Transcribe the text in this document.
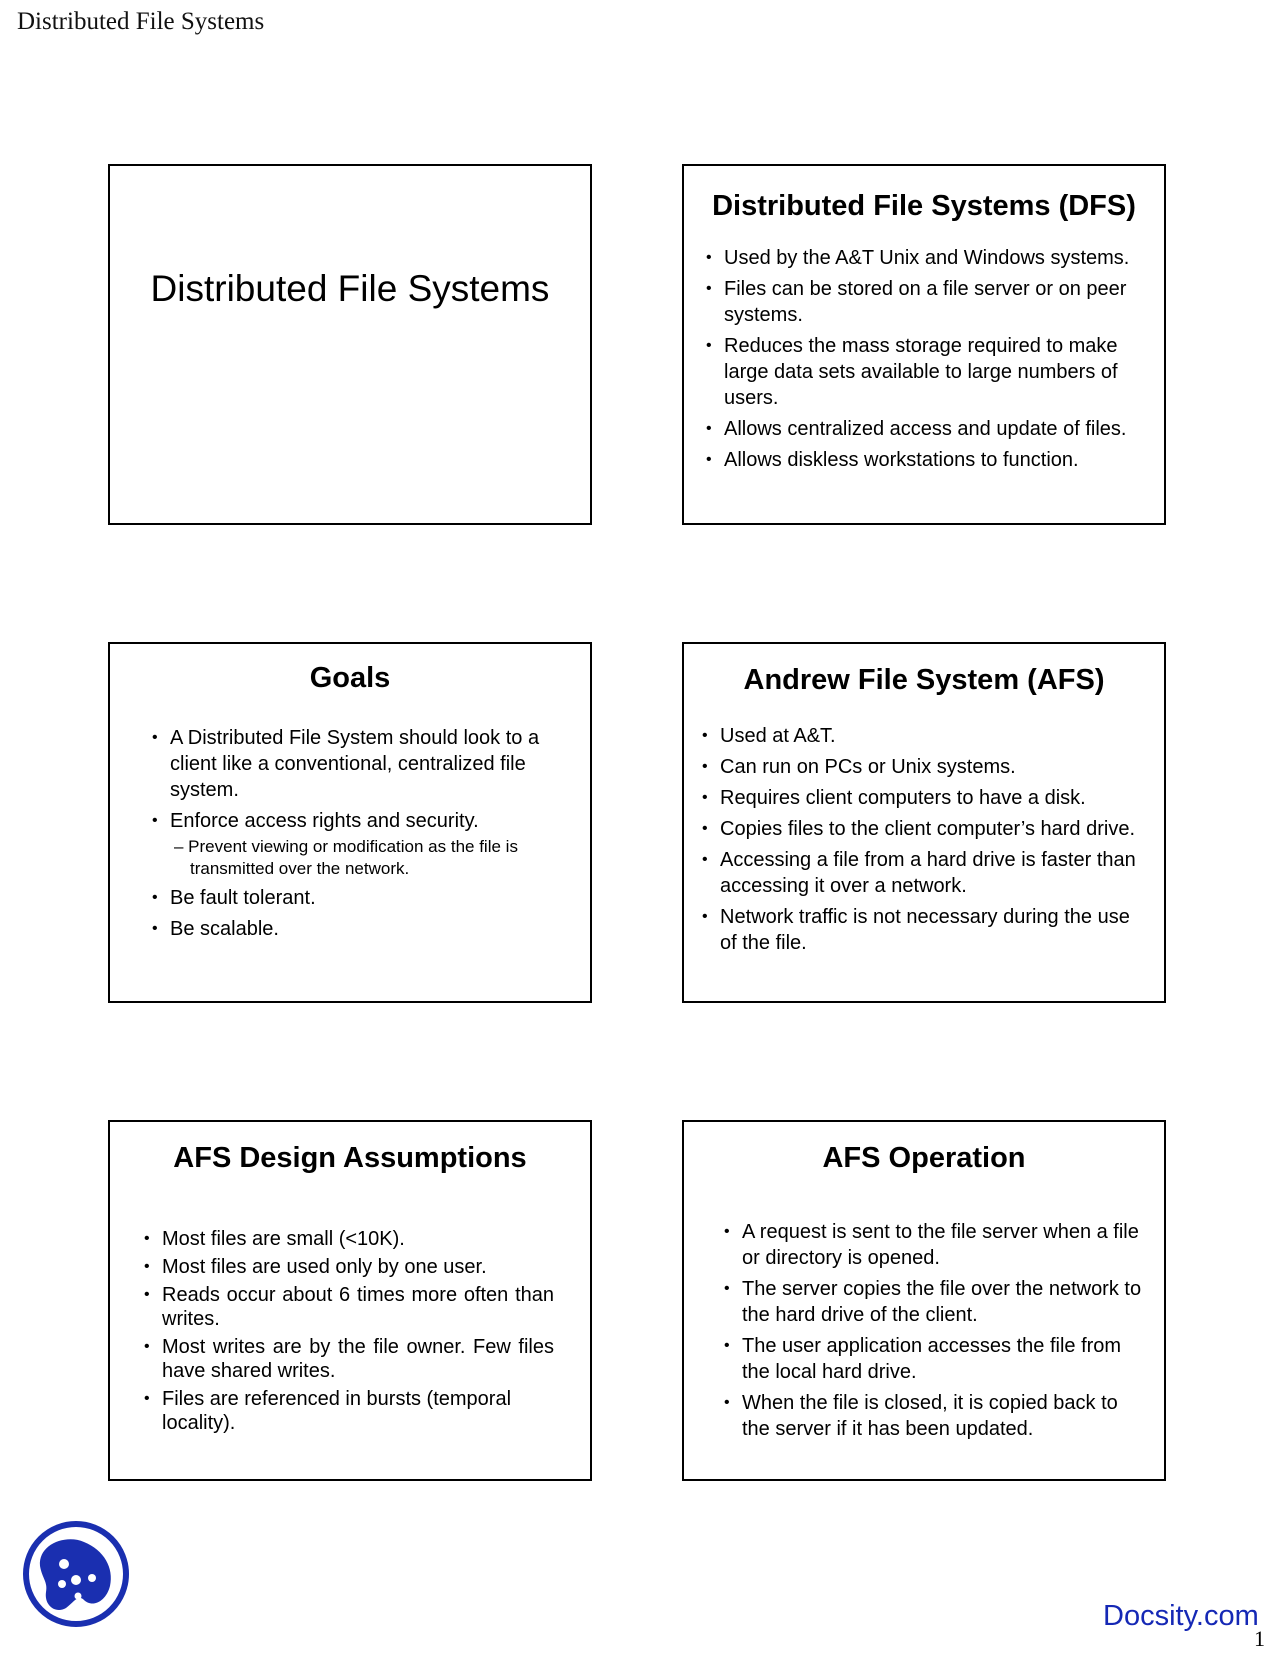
Distributed File Systems
Distributed File Systems
Distributed File Systems (DFS)
• Used by the A&T Unix and Windows systems.
• Files can be stored on a file server or on peer systems.
• Reduces the mass storage required to make large data sets available to large numbers of users.
• Allows centralized access and update of files.
• Allows diskless workstations to function.
Goals
• A Distributed File System should look to a client like a conventional, centralized file system.
• Enforce access rights and security.
– Prevent viewing or modification as the file is transmitted over the network.
• Be fault tolerant.
• Be scalable.
Andrew File System (AFS)
• Used at A&T.
• Can run on PCs or Unix systems.
• Requires client computers to have a disk.
• Copies files to the client computer’s hard drive.
• Accessing a file from a hard drive is faster than accessing it over a network.
• Network traffic is not necessary during the use of the file.
AFS Design Assumptions
• Most files are small (<10K).
• Most files are used only by one user.
• Reads occur about 6 times more often than writes.
• Most writes are by the file owner. Few files have shared writes.
• Files are referenced in bursts (temporal locality).
AFS Operation
• A request is sent to the file server when a file or directory is opened.
• The server copies the file over the network to the hard drive of the client.
• The user application accesses the file from the local hard drive.
• When the file is closed, it is copied back to the server if it has been updated.
Docsity.com
1
